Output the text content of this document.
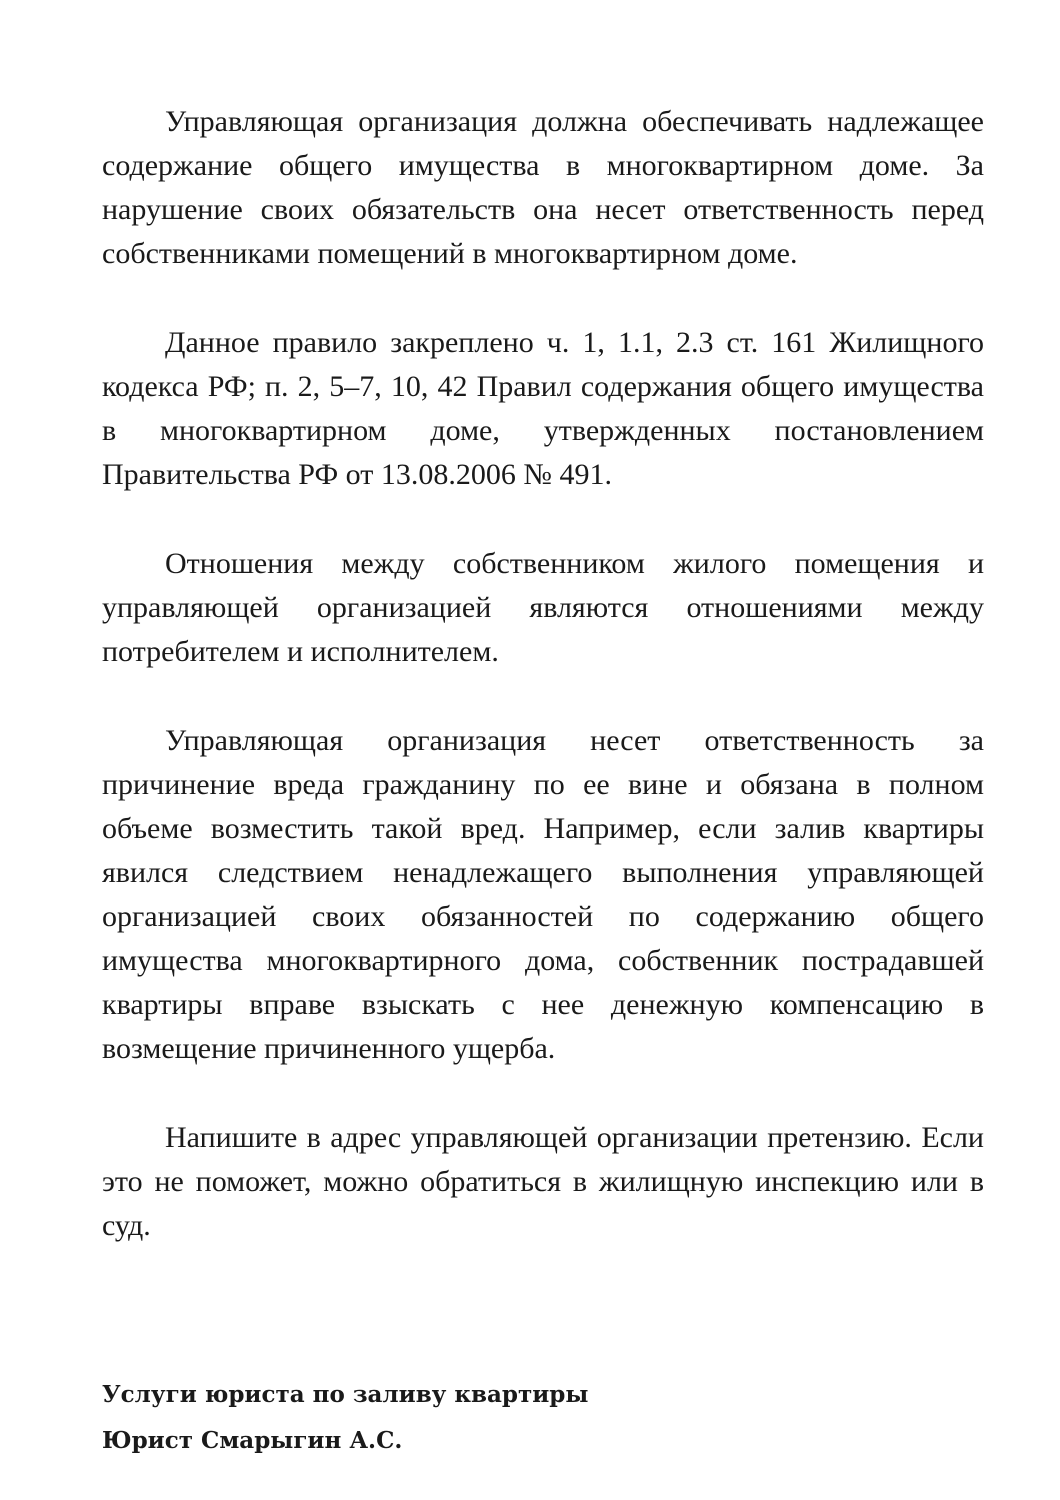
Управляющая организация должна обеспечивать надлежащее содержание общего имущества в многоквартирном доме. За нарушение своих обязательств она несет ответственность перед собственниками помещений в многоквартирном доме.

Данное правило закреплено ч. 1, 1.1, 2.3 ст. 161 Жилищного кодекса РФ; п. 2, 5–7, 10, 42 Правил содержания общего имущества в многоквартирном доме, утвержденных постановлением Правительства РФ от 13.08.2006 № 491.

Отношения между собственником жилого помещения и управляющей организацией являются отношениями между потребителем и исполнителем.

Управляющая организация несет ответственность за причинение вреда гражданину по ее вине и обязана в полном объеме возместить такой вред. Например, если залив квартиры явился следствием ненадлежащего выполнения управляющей организацией своих обязанностей по содержанию общего имущества многоквартирного дома, собственник пострадавшей квартиры вправе взыскать с нее денежную компенсацию в возмещение причиненного ущерба.

Напишите в адрес управляющей организации претензию. Если это не поможет, можно обратиться в жилищную инспекцию или в суд.

Услуги юриста по заливу квартиры
Юрист Смарыгин А.С.
